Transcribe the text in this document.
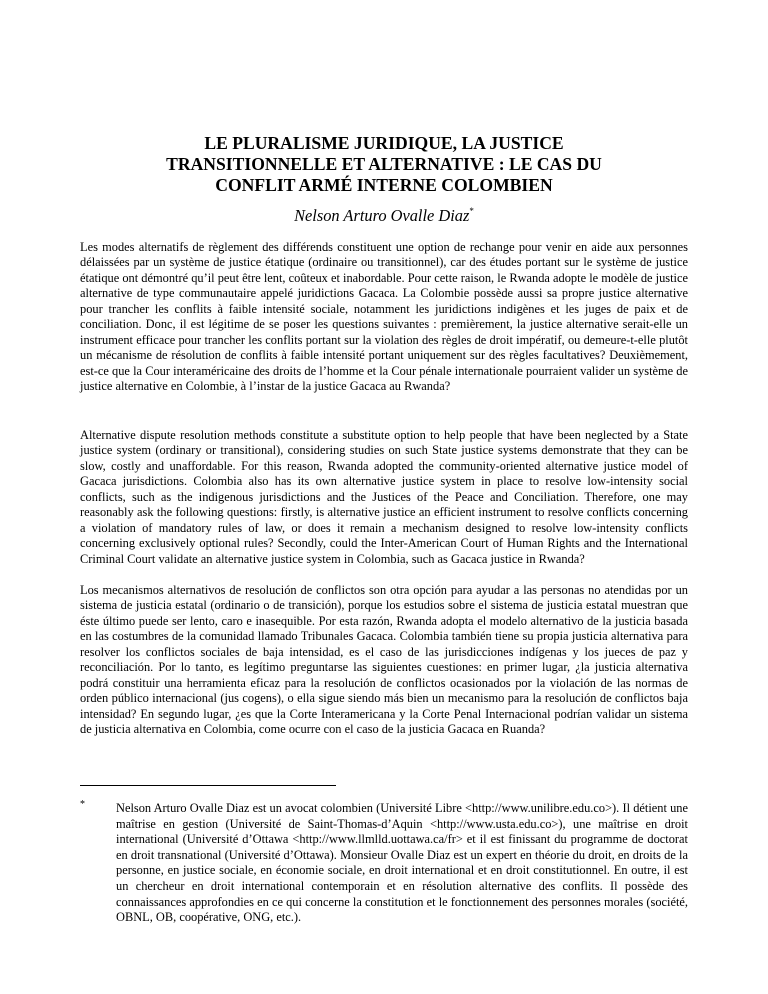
LE PLURALISME JURIDIQUE, LA JUSTICE
TRANSITIONNELLE ET ALTERNATIVE : LE CAS DU
CONFLIT ARMÉ INTERNE COLOMBIEN
Nelson Arturo Ovalle Diaz*

Les modes alternatifs de règlement des différends constituent une option de rechange pour venir en aide aux personnes délaissées par un système de justice étatique (ordinaire ou transitionnel), car des études portant sur le système de justice étatique ont démontré qu’il peut être lent, coûteux et inabordable. Pour cette raison, le Rwanda adopte le modèle de justice alternative de type communautaire appelé juridictions Gacaca. La Colombie possède aussi sa propre justice alternative pour trancher les conflits à faible intensité sociale, notamment les juridictions indigènes et les juges de paix et de conciliation. Donc, il est légitime de se poser les questions suivantes : premièrement, la justice alternative serait-elle un instrument efficace pour trancher les conflits portant sur la violation des règles de droit impératif, ou demeure-t-elle plutôt un mécanisme de résolution de conflits à faible intensité portant uniquement sur des règles facultatives? Deuxièmement, est-ce que la Cour interaméricaine des droits de l’homme et la Cour pénale internationale pourraient valider un système de justice alternative en Colombie, à l’instar de la justice Gacaca au Rwanda?

Alternative dispute resolution methods constitute a substitute option to help people that have been neglected by a State justice system (ordinary or transitional), considering studies on such State justice systems demonstrate that they can be slow, costly and unaffordable. For this reason, Rwanda adopted the community-oriented alternative justice model of Gacaca jurisdictions. Colombia also has its own alternative justice system in place to resolve low-intensity social conflicts, such as the indigenous jurisdictions and the Justices of the Peace and Conciliation. Therefore, one may reasonably ask the following questions: firstly, is alternative justice an efficient instrument to resolve conflicts concerning a violation of mandatory rules of law, or does it remain a mechanism designed to resolve low-intensity conflicts concerning exclusively optional rules? Secondly, could the Inter-American Court of Human Rights and the International Criminal Court validate an alternative justice system in Colombia, such as Gacaca justice in Rwanda?

Los mecanismos alternativos de resolución de conflictos son otra opción para ayudar a las personas no atendidas por un sistema de justicia estatal (ordinario o de transición), porque los estudios sobre el sistema de justicia estatal muestran que éste último puede ser lento, caro e inasequible. Por esta razón, Rwanda adopta el modelo alternativo de la justicia basada en las costumbres de la comunidad llamado Tribunales Gacaca. Colombia también tiene su propia justicia alternativa para resolver los conflictos sociales de baja intensidad, es el caso de las jurisdicciones indígenas y los jueces de paz y reconciliación. Por lo tanto, es legítimo preguntarse las siguientes cuestiones: en primer lugar, ¿la justicia alternativa podrá constituir una herramienta eficaz para la resolución de conflictos ocasionados por la violación de las normas de orden público internacional (jus cogens), o ella sigue siendo más bien un mecanismo para la resolución de conflictos baja intensidad? En segundo lugar, ¿es que la Corte Interamericana y la Corte Penal Internacional podrían validar un sistema de justicia alternativa en Colombia, come ocurre con el caso de la justicia Gacaca en Ruanda?

*	Nelson Arturo Ovalle Diaz est un avocat colombien (Université Libre <http://www.unilibre.edu.co>). Il détient une maîtrise en gestion (Université de Saint-Thomas-d’Aquin <http://www.usta.edu.co>), une maîtrise en droit international (Université d’Ottawa <http://www.llmlld.uottawa.ca/fr> et il est finissant du programme de doctorat en droit transnational (Université d’Ottawa). Monsieur Ovalle Diaz est un expert en théorie du droit, en droits de la personne, en justice sociale, en économie sociale, en droit international et en droit constitutionnel. En outre, il est un chercheur en droit international contemporain et en résolution alternative des conflits. Il possède des connaissances approfondies en ce qui concerne la constitution et le fonctionnement des personnes morales (société, OBNL, OB, coopérative, ONG, etc.).
